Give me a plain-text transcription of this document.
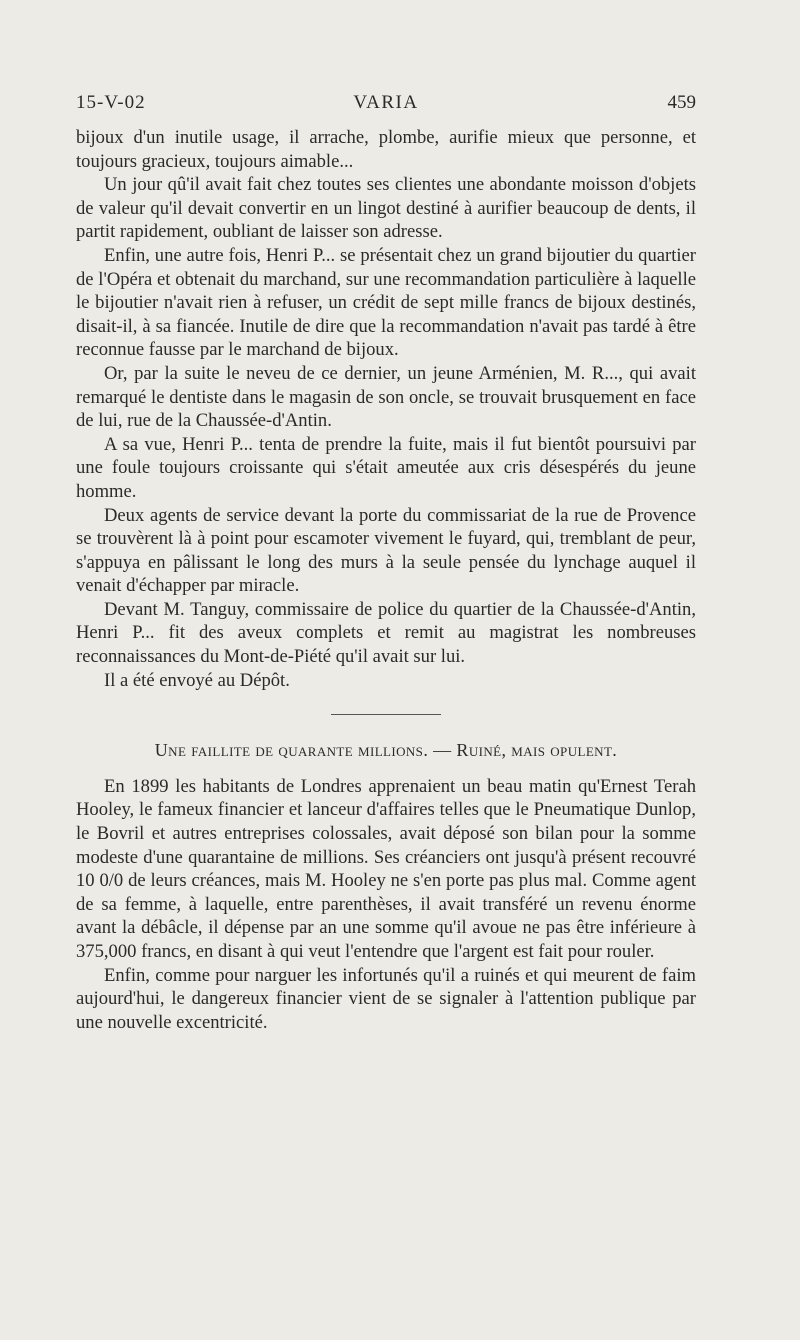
15-V-02	VARIA	459

bijoux d'un inutile usage, il arrache, plombe, aurifie mieux que personne, et toujours gracieux, toujours aimable...

Un jour qû'il avait fait chez toutes ses clientes une abondante moisson d'objets de valeur qu'il devait convertir en un lingot destiné à aurifier beaucoup de dents, il partit rapidement, oubliant de laisser son adresse.

Enfin, une autre fois, Henri P... se présentait chez un grand bijoutier du quartier de l'Opéra et obtenait du marchand, sur une recommandation particulière à laquelle le bijoutier n'avait rien à refuser, un crédit de sept mille francs de bijoux destinés, disait-il, à sa fiancée. Inutile de dire que la recommandation n'avait pas tardé à être reconnue fausse par le marchand de bijoux.

Or, par la suite le neveu de ce dernier, un jeune Arménien, M. R..., qui avait remarqué le dentiste dans le magasin de son oncle, se trouvait brusquement en face de lui, rue de la Chaussée-d'Antin.

A sa vue, Henri P... tenta de prendre la fuite, mais il fut bientôt poursuivi par une foule toujours croissante qui s'était ameutée aux cris désespérés du jeune homme.

Deux agents de service devant la porte du commissariat de la rue de Provence se trouvèrent là à point pour escamoter vivement le fuyard, qui, tremblant de peur, s'appuya en pâlissant le long des murs à la seule pensée du lynchage auquel il venait d'échapper par miracle.

Devant M. Tanguy, commissaire de police du quartier de la Chaussée-d'Antin, Henri P... fit des aveux complets et remit au magistrat les nombreuses reconnaissances du Mont-de-Piété qu'il avait sur lui.

Il a été envoyé au Dépôt.

Une faillite de quarante millions. — Ruiné, mais opulent.

En 1899 les habitants de Londres apprenaient un beau matin qu'Ernest Terah Hooley, le fameux financier et lanceur d'affaires telles que le Pneumatique Dunlop, le Bovril et autres entreprises colossales, avait déposé son bilan pour la somme modeste d'une quarantaine de millions. Ses créanciers ont jusqu'à présent recouvré 10 0/0 de leurs créances, mais M. Hooley ne s'en porte pas plus mal. Comme agent de sa femme, à laquelle, entre parenthèses, il avait transféré un revenu énorme avant la débâcle, il dépense par an une somme qu'il avoue ne pas être inférieure à 375,000 francs, en disant à qui veut l'entendre que l'argent est fait pour rouler.

Enfin, comme pour narguer les infortunés qu'il a ruinés et qui meurent de faim aujourd'hui, le dangereux financier vient de se signaler à l'attention publique par une nouvelle excentricité.
